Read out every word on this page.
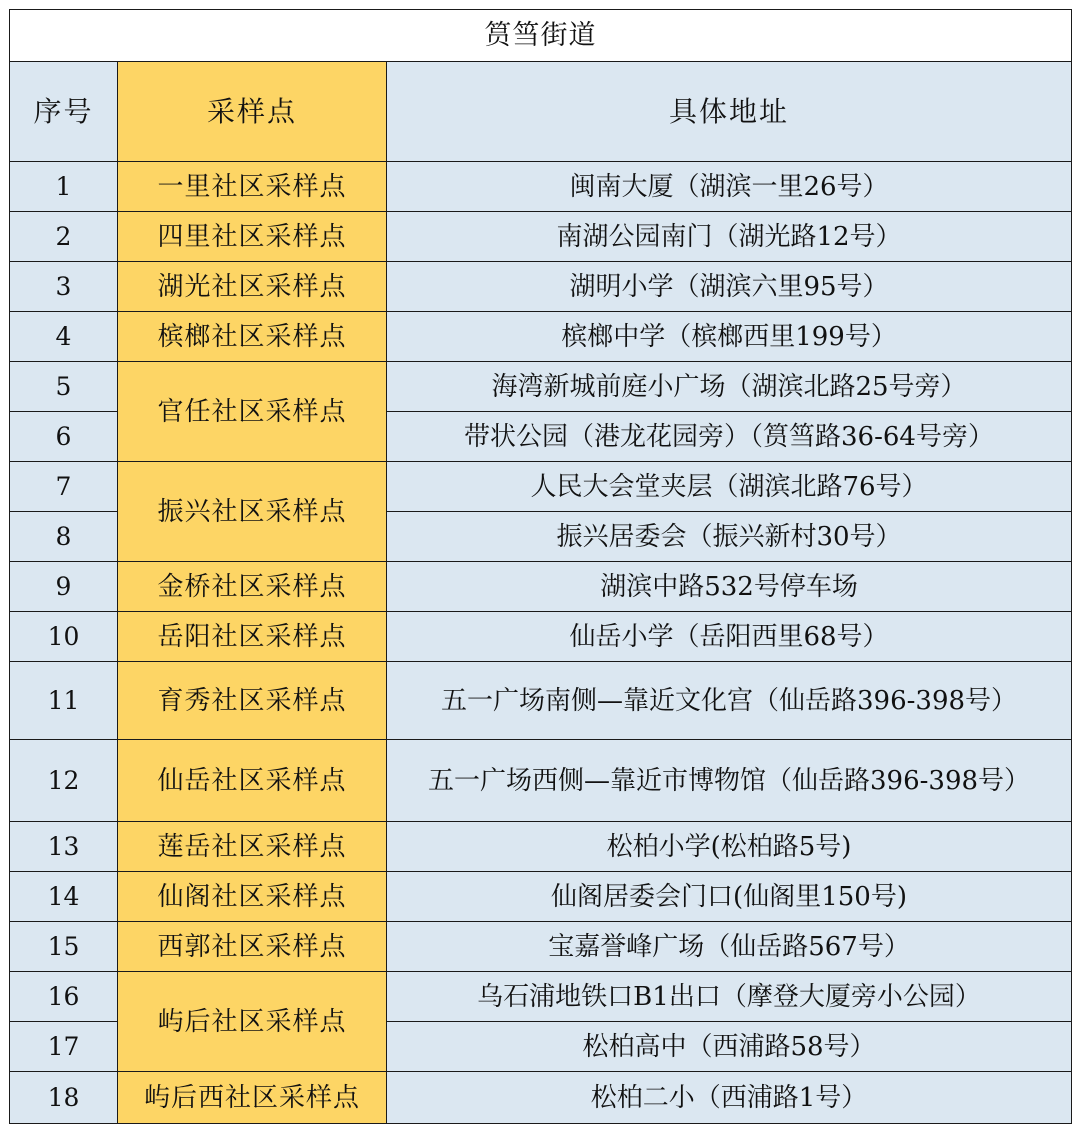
筼筜街道		
序号	采样点	具体地址
1	一里社区采样点	闽南大厦（湖滨一里26号）
2	四里社区采样点	南湖公园南门（湖光路12号）
3	湖光社区采样点	湖明小学（湖滨六里95号）
4	槟榔社区采样点	槟榔中学（槟榔西里199号）
5	官任社区采样点	海湾新城前庭小广场（湖滨北路25号旁）
6		带状公园（港龙花园旁）（筼筜路36-64号旁）
7	振兴社区采样点	人民大会堂夹层（湖滨北路76号）
8		振兴居委会（振兴新村30号）
9	金桥社区采样点	湖滨中路532号停车场
10	岳阳社区采样点	仙岳小学（岳阳西里68号）
11	育秀社区采样点	五一广场南侧—靠近文化宫（仙岳路396-398号）
12	仙岳社区采样点	五一广场西侧—靠近市博物馆（仙岳路396-398号）
13	莲岳社区采样点	松柏小学(松柏路5号)
14	仙阁社区采样点	仙阁居委会门口(仙阁里150号)
15	西郭社区采样点	宝嘉誉峰广场（仙岳路567号）
16	屿后社区采样点	乌石浦地铁口B1出口（摩登大厦旁小公园）
17		松柏高中（西浦路58号）
18	屿后西社区采样点	松柏二小（西浦路1号）
